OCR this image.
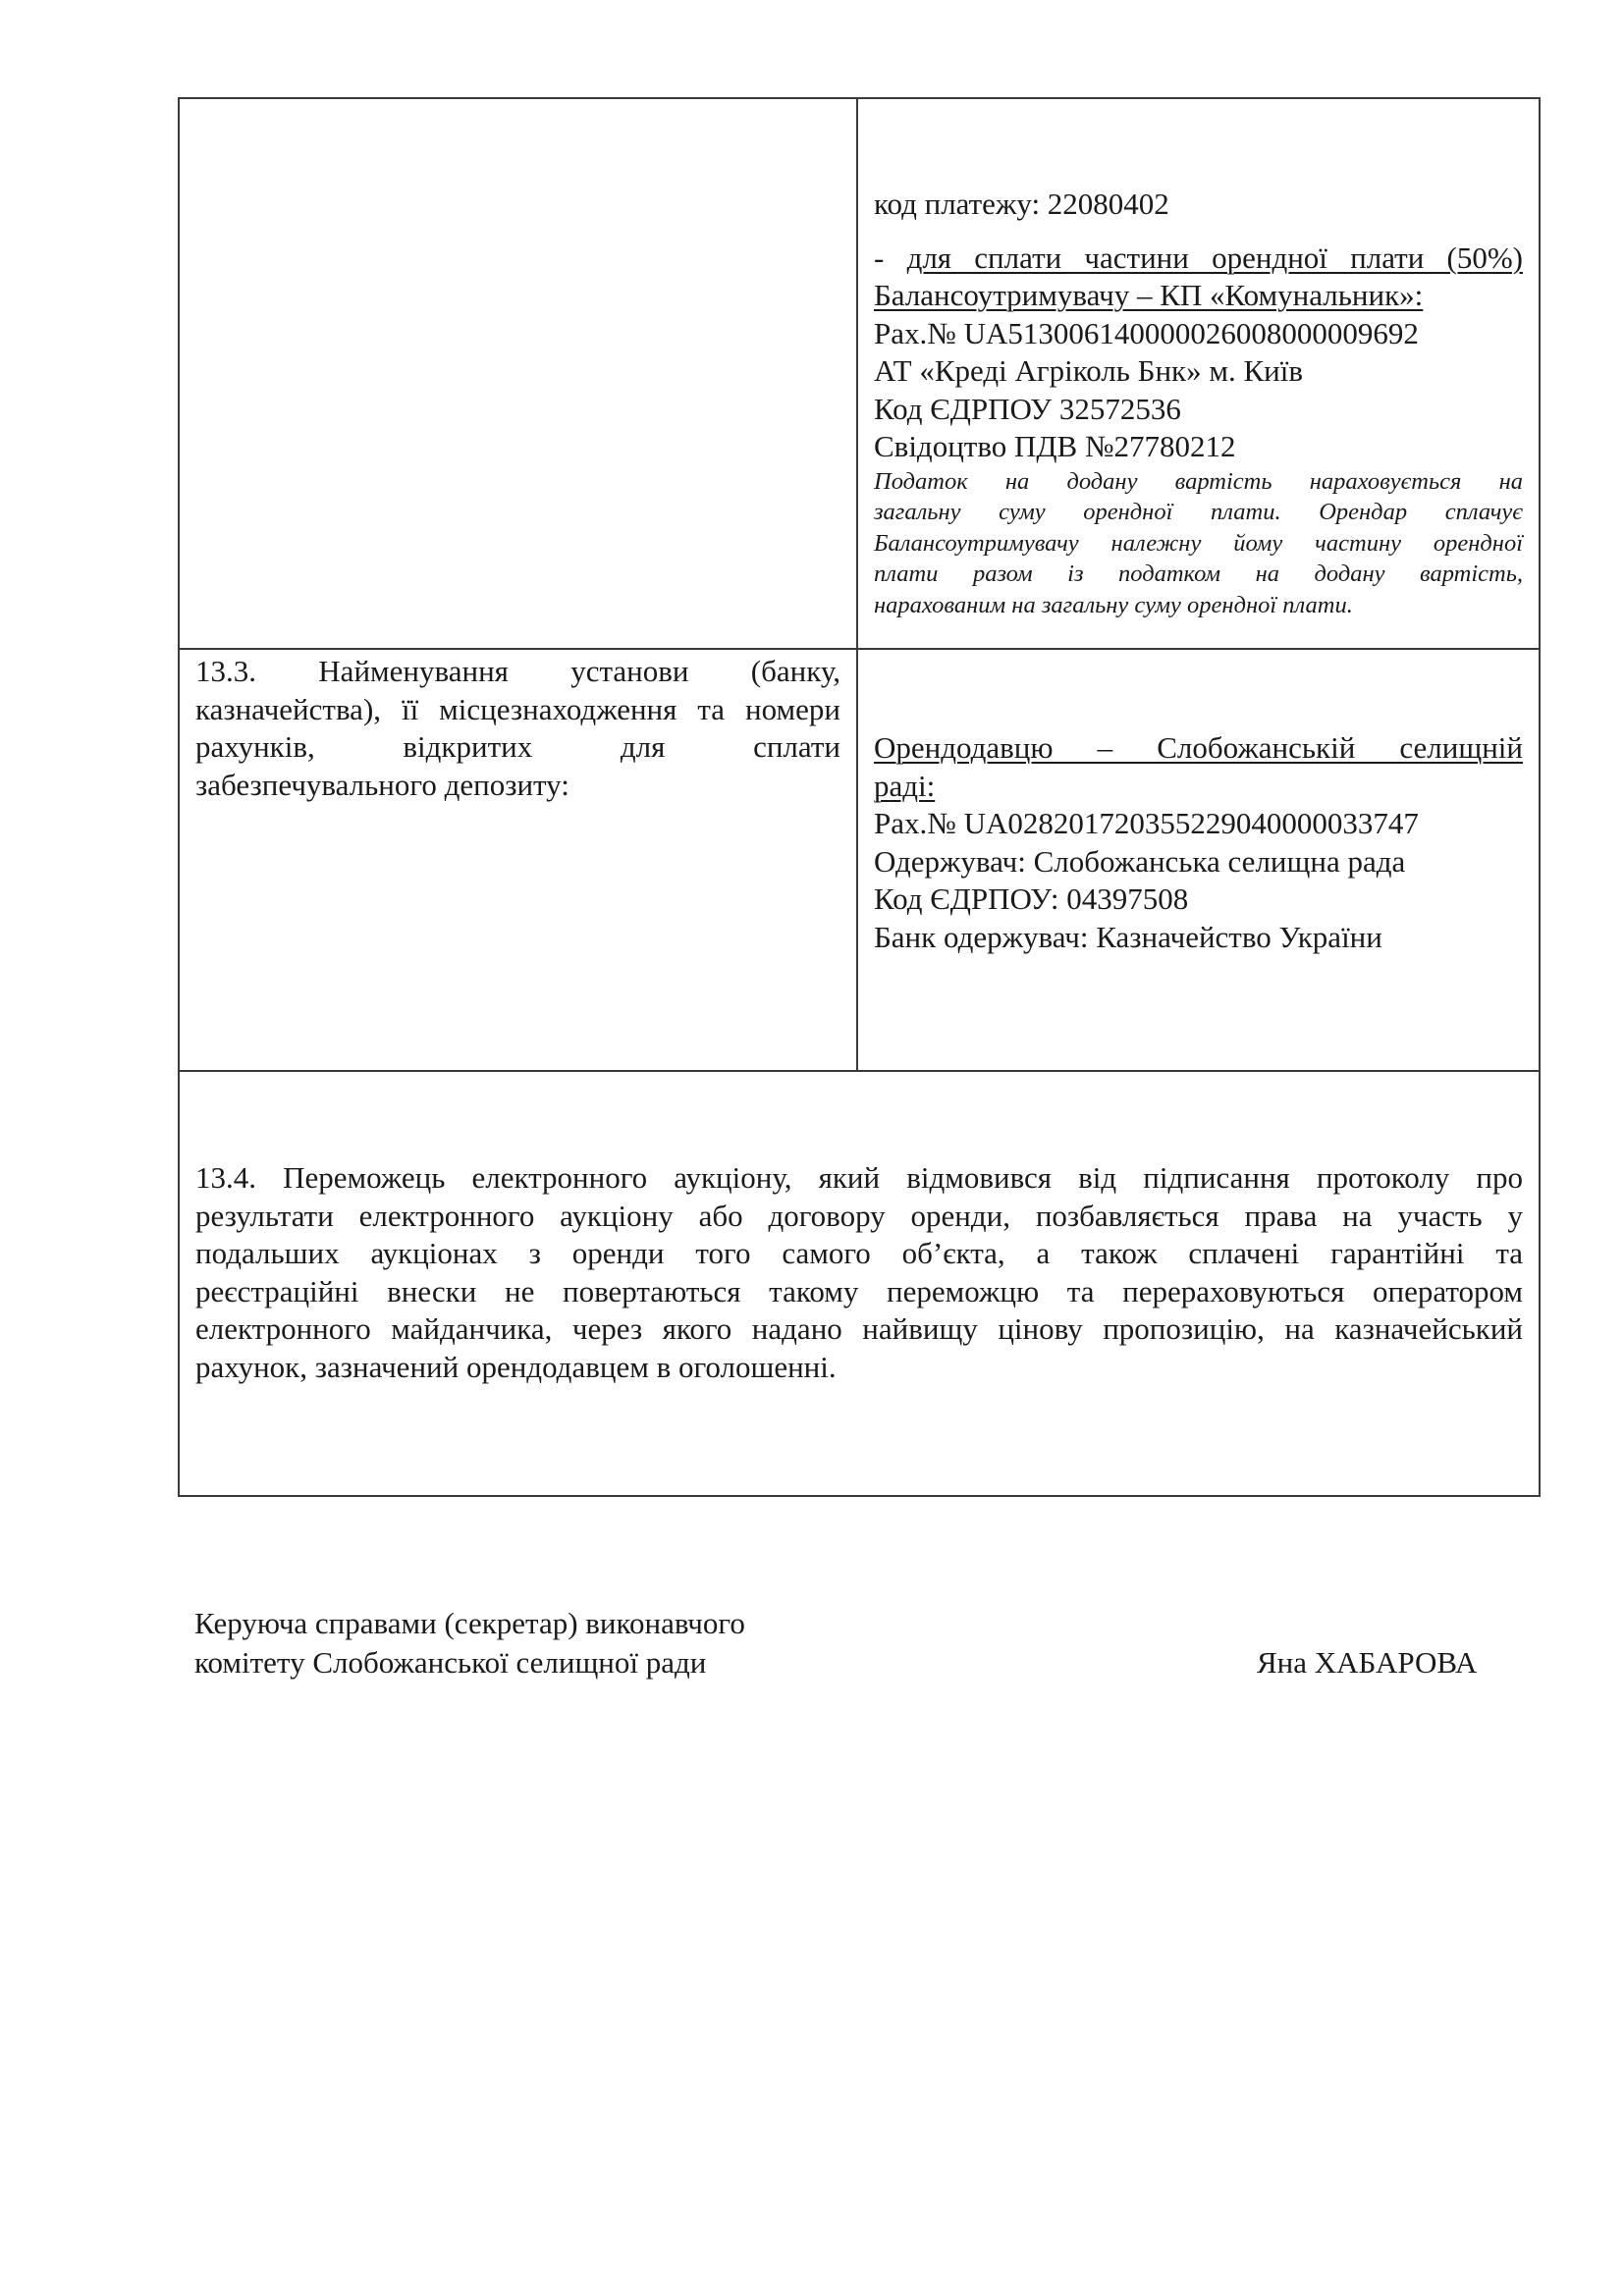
код платежу: 22080402

- для сплати частини орендної плати (50%)

Балансоутримувачу – КП «Комунальник»:

Рах.№ UA513006140000026008000009692

АТ «Креді Агріколь Бнк» м. Київ

Код ЄДРПОУ 32572536

Свідоцтво ПДВ №27780212

Податок на додану вартість нараховується на

загальну суму орендної плати. Орендар сплачує

Балансоутримувачу належну йому частину орендної

плати разом із податком на додану вартість,

нарахованим на загальну суму орендної плати.

13.3. Найменування установи (банку,

казначейства), її місцезнаходження та номери

рахунків, відкритих для сплати

забезпечувального депозиту:

Орендодавцю – Слобожанській селищній

раді:

Рах.№ UA028201720355229040000033747

Одержувач: Слобожанська селищна рада

Код ЄДРПОУ: 04397508

Банк одержувач: Казначейство України

13.4. Переможець електронного аукціону, який відмовився від підписання протоколу про

результати електронного аукціону або договору оренди, позбавляється права на участь у

подальших аукціонах з оренди того самого об’єкта, а також сплачені гарантійні та

реєстраційні внески не повертаються такому переможцю та перераховуються оператором

електронного майданчика, через якого надано найвищу цінову пропозицію, на казначейський

рахунок, зазначений орендодавцем в оголошенні.

Керуюча справами (секретар) виконавчого

комітету Слобожанської селищної ради	Яна ХАБАРОВА
